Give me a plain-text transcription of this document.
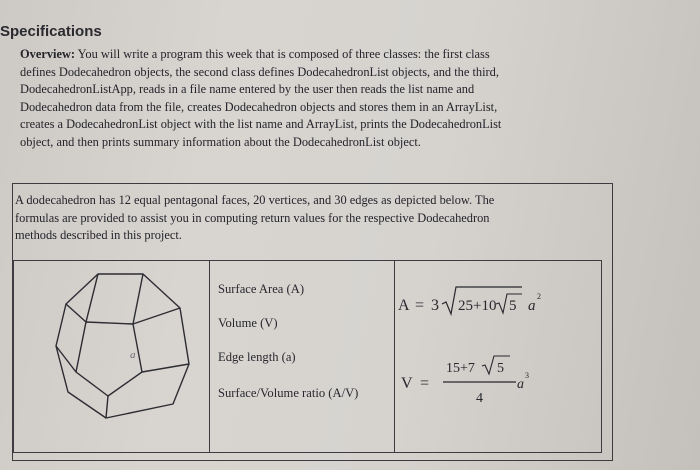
Specifications
Overview: You will write a program this week that is composed of three classes: the first class
defines Dodecahedron objects, the second class defines DodecahedronList objects, and the third,
DodecahedronListApp, reads in a file name entered by the user then reads the list name and
Dodecahedron data from the file, creates Dodecahedron objects and stores them in an ArrayList,
creates a DodecahedronList object with the list name and ArrayList, prints the DodecahedronList
object, and then prints summary information about the DodecahedronList object.
A dodecahedron has 12 equal pentagonal faces, 20 vertices, and 30 edges as depicted below. The
formulas are provided to assist you in computing return values for the respective Dodecahedron
methods described in this project.
a
Surface Area (A)
Volume (V)
Edge length (a)
Surface/Volume ratio (A/V)
A = 3 25+10 5 a
2
V =
15+7 5
4
a
3
